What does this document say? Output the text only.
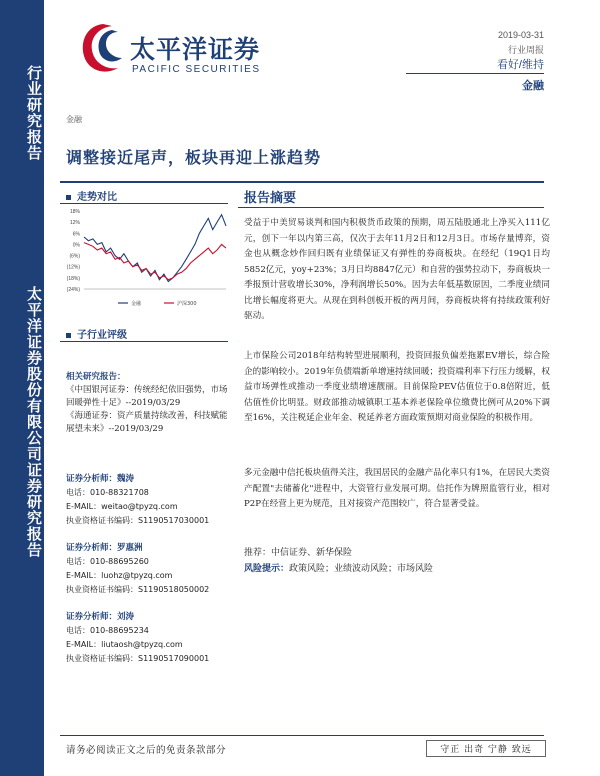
行业研究报告
太平洋证券股份有限公司证券研究报告
太平洋证券
PACIFIC SECURITIES
2019-03-31
行业周报
看好/维持
金融
金融
调整接近尾声，板块再迎上涨趋势
走势对比
18%
12%
6%
0%
(6%)
(12%)
(18%)
(24%)
金融	沪深300
子行业评级
相关研究报告：
《中国银河证券：传统经纪依旧强势，市场回暖弹性十足》--2019/03/29
《海通证券：资产质量持续改善，科技赋能展望未来》--2019/03/29
证券分析师：魏涛
电话：010-88321708
E-MAIL：weitao@tpyzq.com
执业资格证书编码：S1190517030001
证券分析师：罗惠洲
电话：010-88695260
E-MAIL：luohz@tpyzq.com
执业资格证书编码：S1190518050002
证券分析师：刘涛
电话：010-88695234
E-MAIL：liutaosh@tpyzq.com
执业资格证书编码：S1190517090001
报告摘要
受益于中美贸易谈判和国内积极货币政策的预期，周五陆股通北上净买入111亿元，创下一年以内第三高，仅次于去年11月2日和12月3日。市场存量博弈，资金也从概念炒作回归既有业绩保证又有弹性的券商板块。在经纪（19Q1日均5852亿元，yoy+23%；3月日均8847亿元）和自营的强势拉动下，券商板块一季报预计营收增长30%，净利润增长50%。因为去年低基数原因，二季度业绩同比增长幅度将更大。从现在到科创板开板的两月间，券商板块将有持续政策利好驱动。
上市保险公司2018年结构转型进展顺利，投资回报负偏差拖累EV增长，综合险企的影响较小。2019年负债端新单增速持续回暖；投资端利率下行压力缓解，权益市场弹性或推动一季度业绩增速靓丽。目前保险PEV估值位于0.8倍附近，低估值性价比明显。财政部推动城镇职工基本养老保险单位缴费比例可从20%下调至16%，关注税延企业年金、税延养老方面政策预期对商业保险的积极作用。
多元金融中信托板块值得关注，我国居民的金融产品化率只有1%，在居民大类资产配置"去储蓄化"进程中，大资管行业发展可期。信托作为牌照监管行业，相对P2P在经营上更为规范，且对接资产范围较广，符合显著受益。
推荐：中信证券、新华保险
风险提示：政策风险；业绩波动风险；市场风险
请务必阅读正文之后的免责条款部分	守正 出奇 宁静 致远
